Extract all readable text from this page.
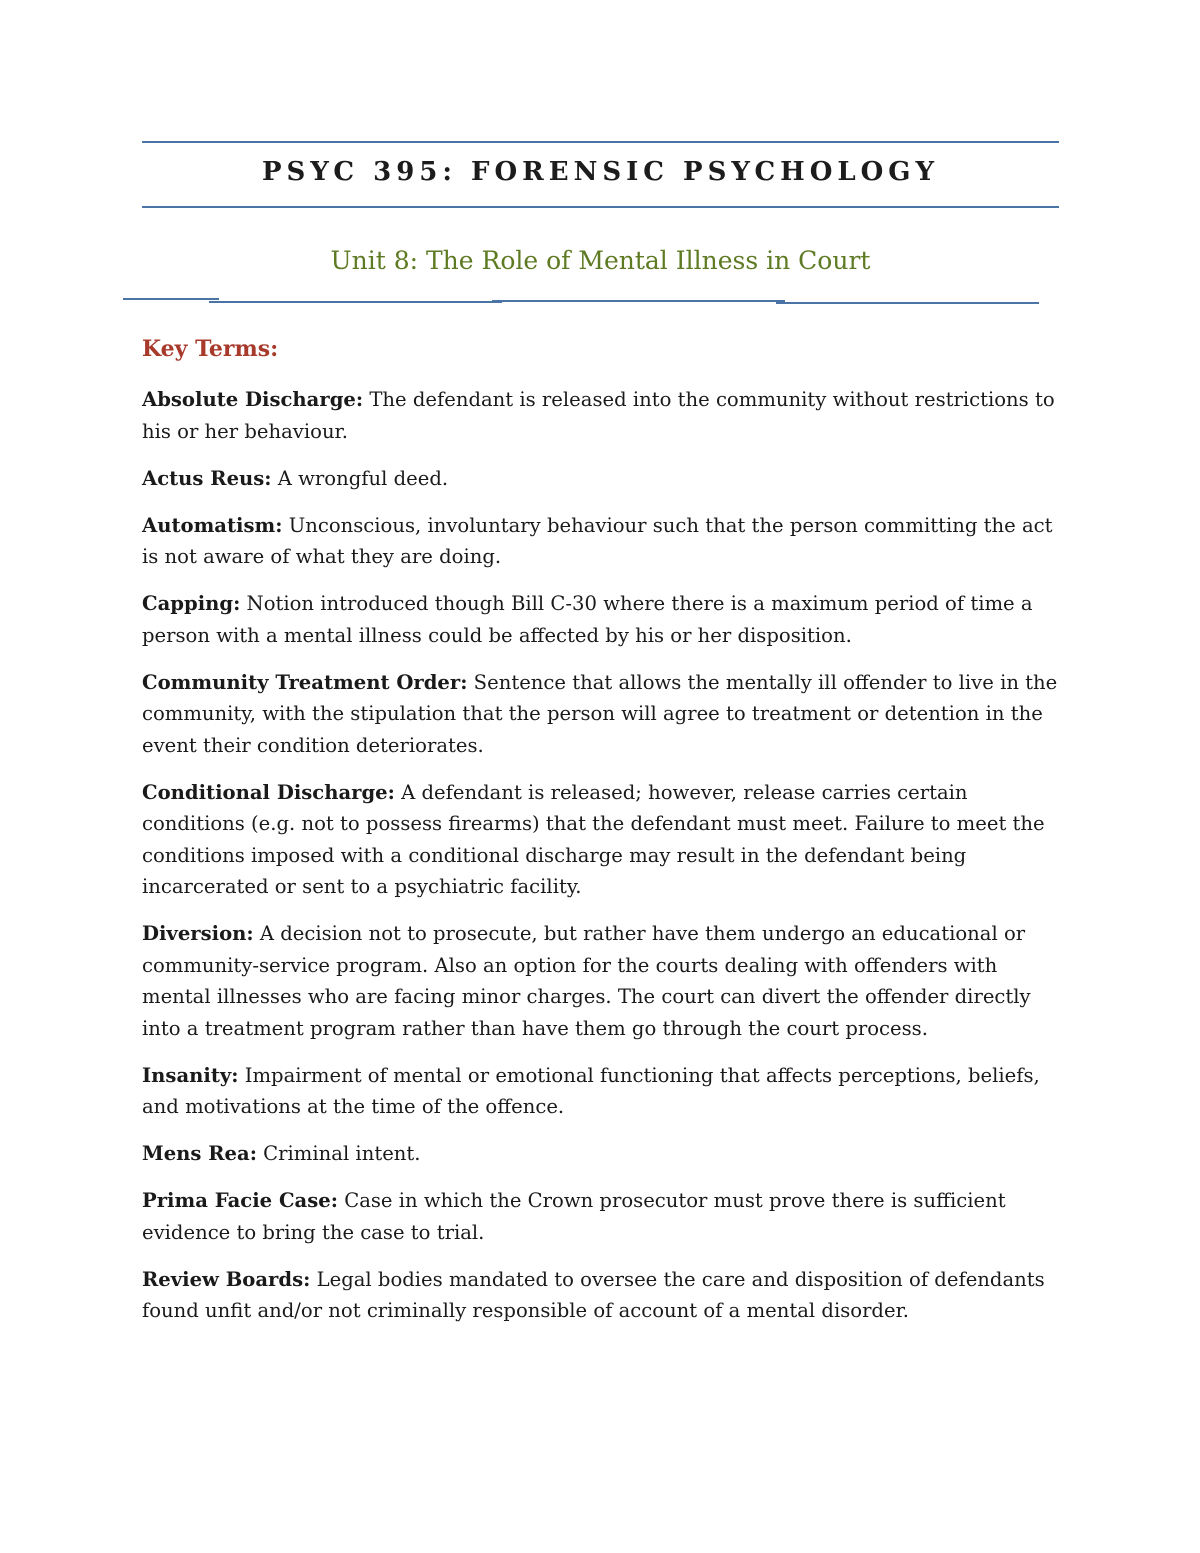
PSYC 395: FORENSIC PSYCHOLOGY
Unit 8: The Role of Mental Illness in Court
Key Terms:

Absolute Discharge: The defendant is released into the community without restrictions to his or her behaviour.

Actus Reus: A wrongful deed.

Automatism: Unconscious, involuntary behaviour such that the person committing the act is not aware of what they are doing.

Capping: Notion introduced though Bill C-30 where there is a maximum period of time a person with a mental illness could be affected by his or her disposition.

Community Treatment Order: Sentence that allows the mentally ill offender to live in the community, with the stipulation that the person will agree to treatment or detention in the event their condition deteriorates.

Conditional Discharge: A defendant is released; however, release carries certain conditions (e.g. not to possess firearms) that the defendant must meet. Failure to meet the conditions imposed with a conditional discharge may result in the defendant being incarcerated or sent to a psychiatric facility.

Diversion: A decision not to prosecute, but rather have them undergo an educational or community-service program. Also an option for the courts dealing with offenders with mental illnesses who are facing minor charges. The court can divert the offender directly into a treatment program rather than have them go through the court process.

Insanity: Impairment of mental or emotional functioning that affects perceptions, beliefs, and motivations at the time of the offence.

Mens Rea: Criminal intent.

Prima Facie Case: Case in which the Crown prosecutor must prove there is sufficient evidence to bring the case to trial.

Review Boards: Legal bodies mandated to oversee the care and disposition of defendants found unfit and/or not criminally responsible of account of a mental disorder.
